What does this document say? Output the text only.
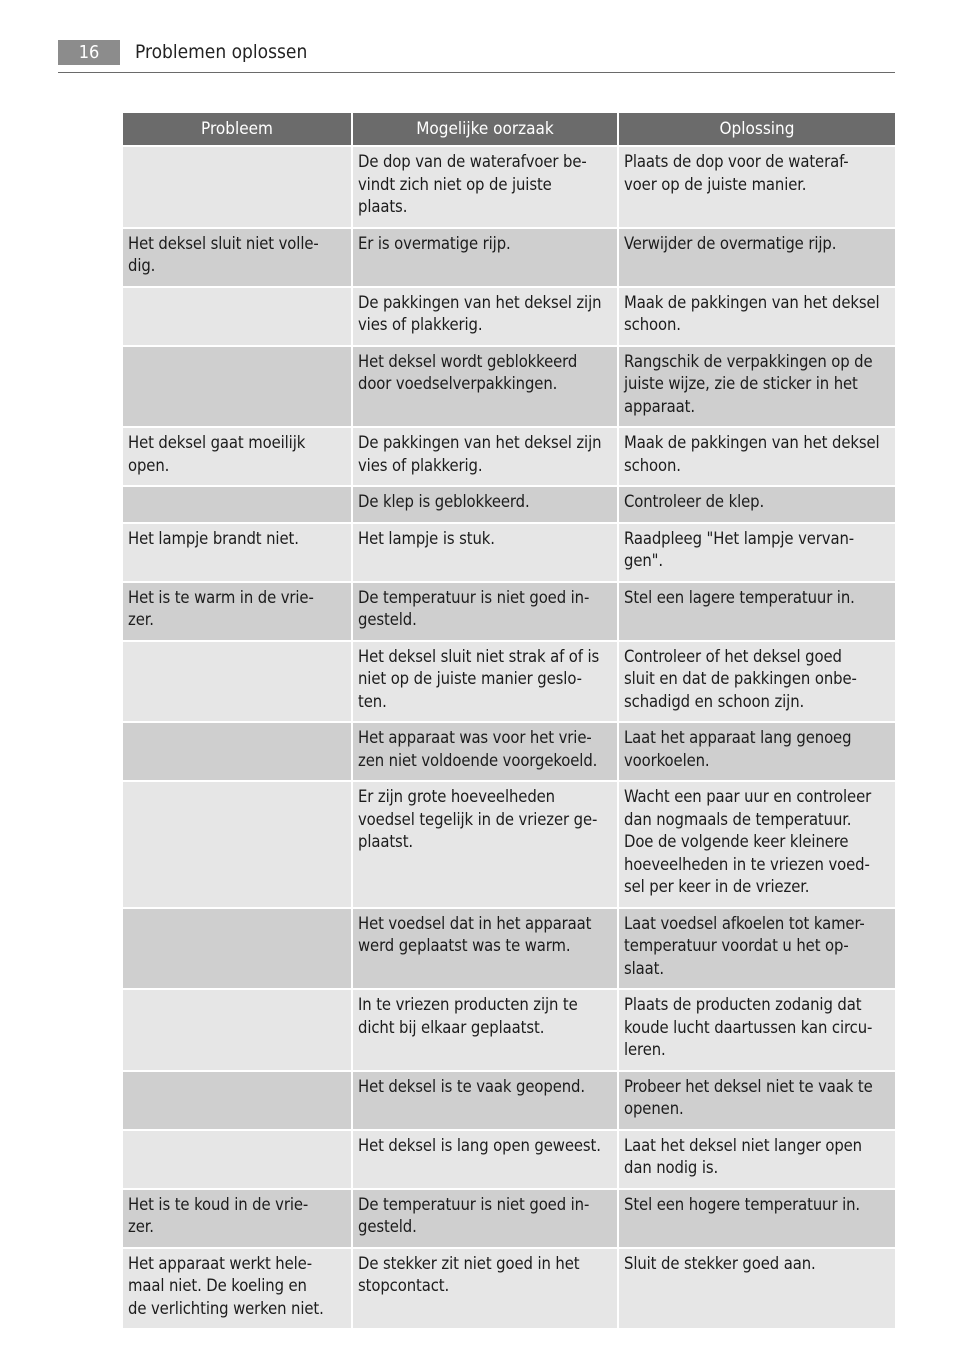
16	Problemen oplossen
Probleem	Mogelijke oorzaak	Oplossing
	De dop van de waterafvoer be-
vindt zich niet op de juiste
plaats.	Plaats de dop voor de wateraf-
voer op de juiste manier.
Het deksel sluit niet volle-
dig.	Er is overmatige rijp.	Verwijder de overmatige rijp.
	De pakkingen van het deksel zijn
vies of plakkerig.	Maak de pakkingen van het deksel
schoon.
	Het deksel wordt geblokkeerd
door voedselverpakkingen.	Rangschik de verpakkingen op de
juiste wijze, zie de sticker in het
apparaat.
Het deksel gaat moeilijk
open.	De pakkingen van het deksel zijn
vies of plakkerig.	Maak de pakkingen van het deksel
schoon.
	De klep is geblokkeerd.	Controleer de klep.
Het lampje brandt niet.	Het lampje is stuk.	Raadpleeg "Het lampje vervan-
gen".
Het is te warm in de vrie-
zer.	De temperatuur is niet goed in-
gesteld.	Stel een lagere temperatuur in.
	Het deksel sluit niet strak af of is
niet op de juiste manier geslo-
ten.	Controleer of het deksel goed
sluit en dat de pakkingen onbe-
schadigd en schoon zijn.
	Het apparaat was voor het vrie-
zen niet voldoende voorgekoeld.	Laat het apparaat lang genoeg
voorkoelen.
	Er zijn grote hoeveelheden
voedsel tegelijk in de vriezer ge-
plaatst.	Wacht een paar uur en controleer
dan nogmaals de temperatuur.
Doe de volgende keer kleinere
hoeveelheden in te vriezen voed-
sel per keer in de vriezer.
	Het voedsel dat in het apparaat
werd geplaatst was te warm.	Laat voedsel afkoelen tot kamer-
temperatuur voordat u het op-
slaat.
	In te vriezen producten zijn te
dicht bij elkaar geplaatst.	Plaats de producten zodanig dat
koude lucht daartussen kan circu-
leren.
	Het deksel is te vaak geopend.	Probeer het deksel niet te vaak te
openen.
	Het deksel is lang open geweest.	Laat het deksel niet langer open
dan nodig is.
Het is te koud in de vrie-
zer.	De temperatuur is niet goed in-
gesteld.	Stel een hogere temperatuur in.
Het apparaat werkt hele-
maal niet. De koeling en
de verlichting werken niet.	De stekker zit niet goed in het
stopcontact.	Sluit de stekker goed aan.
